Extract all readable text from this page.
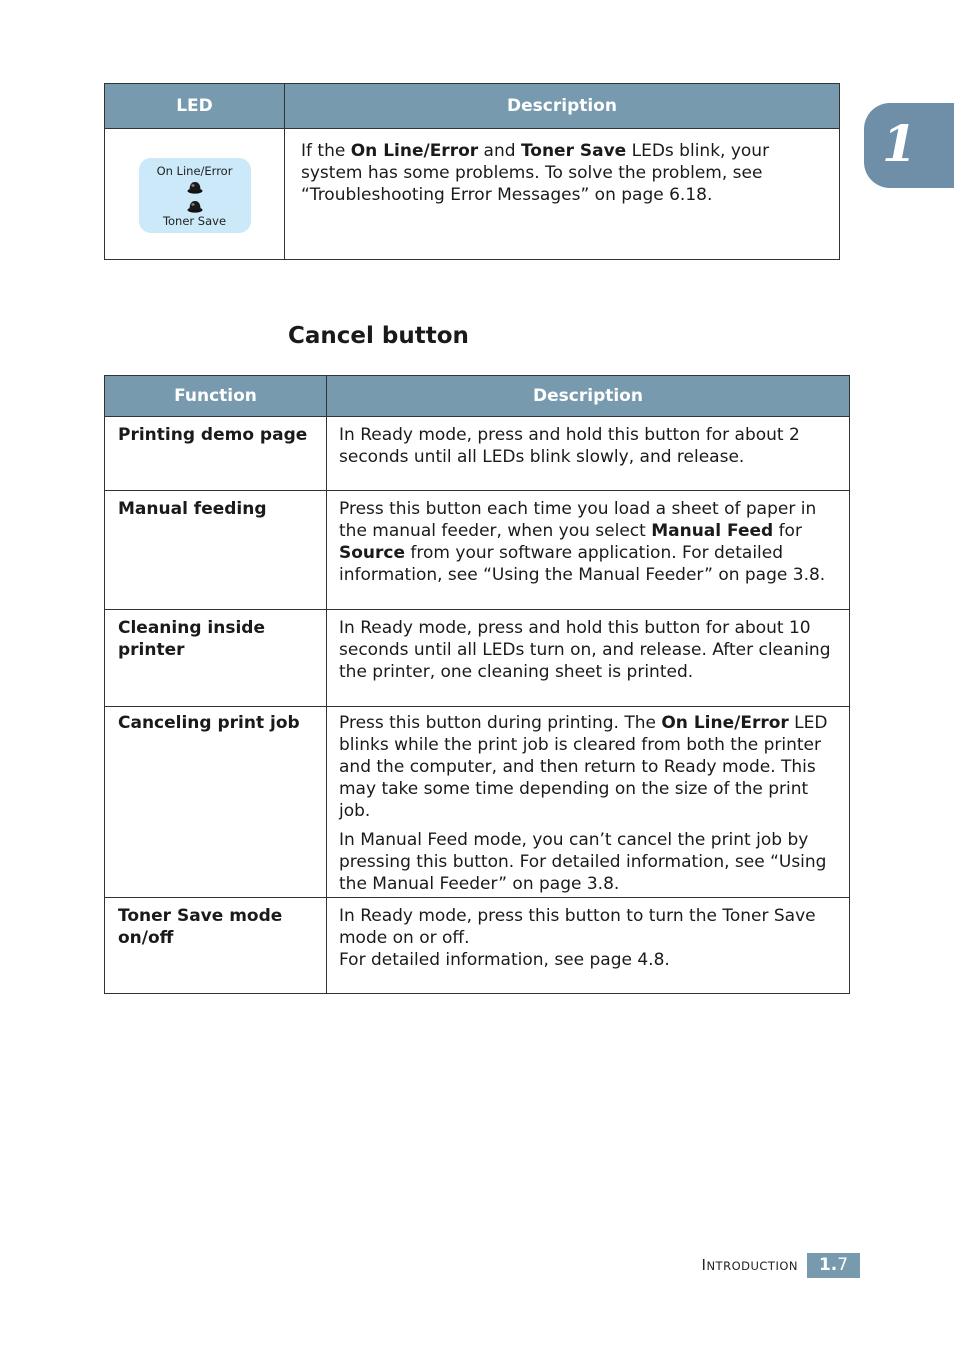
1
LED	Description

On Line/Error
Toner Save	If the On Line/Error and Toner Save LEDs blink, your system has some problems. To solve the problem, see “Troubleshooting Error Messages” on page 6.18.
Cancel button
Function	Description
Printing demo page	In Ready mode, press and hold this button for about 2 seconds until all LEDs blink slowly, and release.
Manual feeding	Press this button each time you load a sheet of paper in the manual feeder, when you select Manual Feed for Source from your software application. For detailed information, see “Using the Manual Feeder” on page 3.8.
Cleaning inside printer	In Ready mode, press and hold this button for about 10 seconds until all LEDs turn on, and release. After cleaning the printer, one cleaning sheet is printed.
Canceling print job	Press this button during printing. The On Line/Error LED blinks while the print job is cleared from both the printer and the computer, and then return to Ready mode. This may take some time depending on the size of the print job.

In Manual Feed mode, you can’t cancel the print job by pressing this button. For detailed information, see “Using the Manual Feeder” on page 3.8.

Toner Save mode on/off	In Ready mode, press this button to turn the Toner Save mode on or off.
For detailed information, see page 4.8.
INTRODUCTION	1.7
